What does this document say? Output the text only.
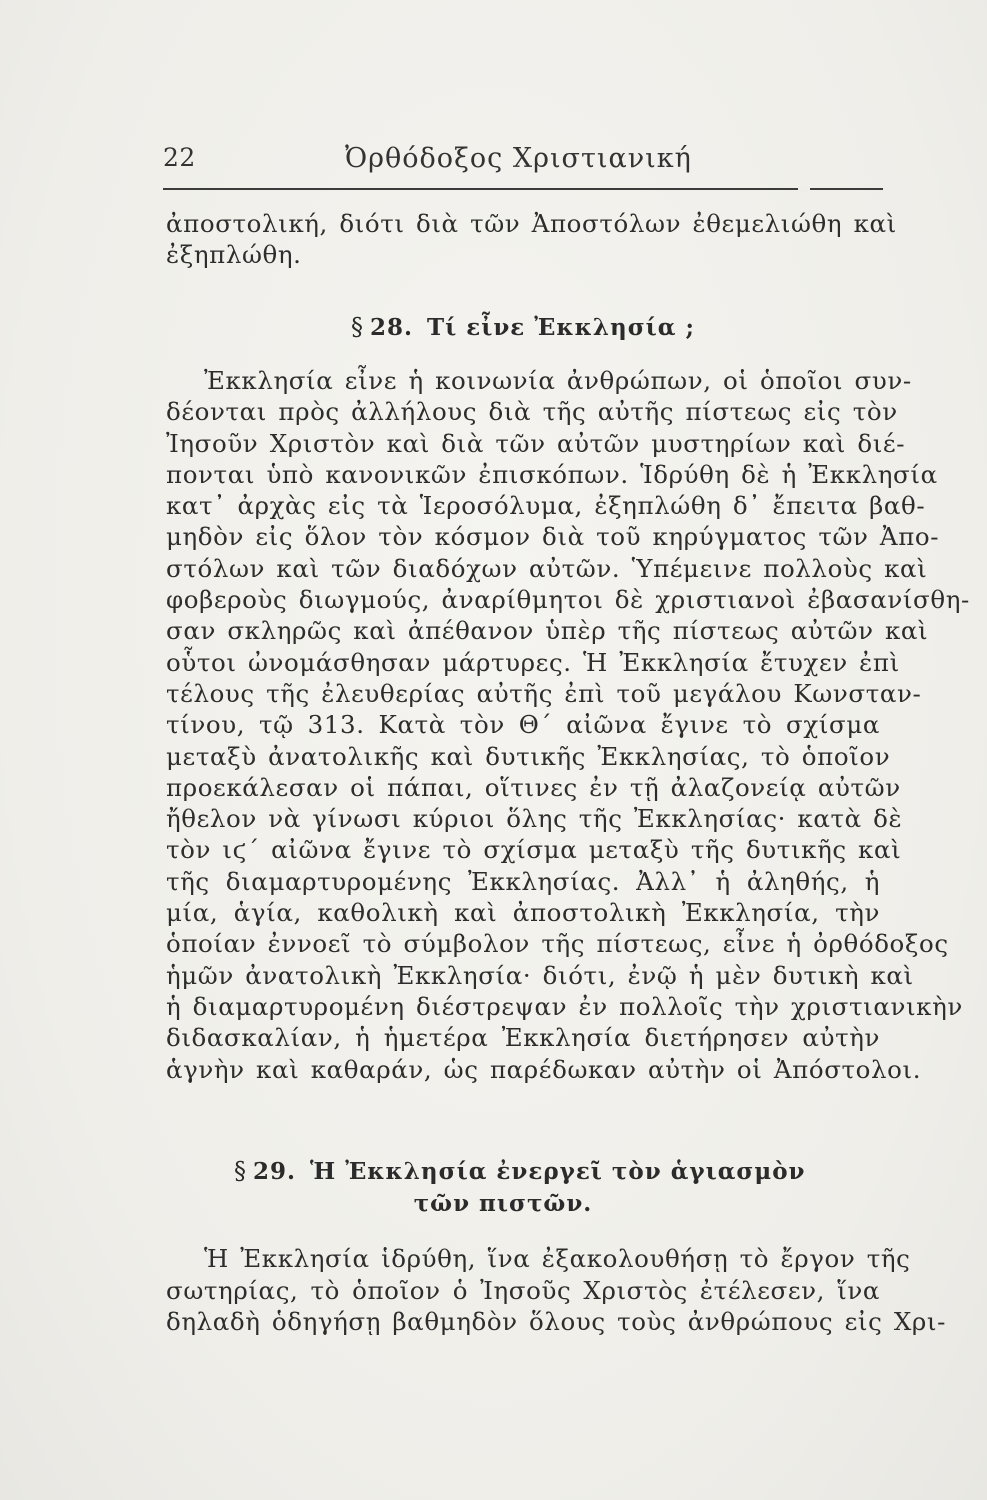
22	Ὀρθόδοξος Χριστιανική
ἀποστολική, διότι διὰ τῶν Ἀποστόλων ἐθεμελιώθη καὶ
ἐξηπλώθη.
§ 28. Τί εἶνε Ἐκκλησία ;
Ἐκκλησία εἶνε ἡ κοινωνία ἀνθρώπων, οἱ ὁποῖοι συν-
δέονται πρὸς ἀλλήλους διὰ τῆς αὐτῆς πίστεως εἰς τὸν
Ἰησοῦν Χριστὸν καὶ διὰ τῶν αὐτῶν μυστηρίων καὶ διέ-
πονται ὑπὸ κανονικῶν ἐπισκόπων. Ἱδρύθη δὲ ἡ Ἐκκλησία
κατ᾽ ἀρχὰς εἰς τὰ Ἱεροσόλυμα, ἐξηπλώθη δ᾽ ἔπειτα βαθ-
μηδὸν εἰς ὅλον τὸν κόσμον διὰ τοῦ κηρύγματος τῶν Ἀπο-
στόλων καὶ τῶν διαδόχων αὐτῶν. Ὑπέμεινε πολλοὺς καὶ
φοβεροὺς διωγμούς, ἀναρίθμητοι δὲ χριστιανοὶ ἐβασανίσθη-
σαν σκληρῶς καὶ ἀπέθανον ὑπὲρ τῆς πίστεως αὐτῶν καὶ
οὗτοι ὠνομάσθησαν μάρτυρες. Ἡ Ἐκκλησία ἔτυχεν ἐπὶ
τέλους τῆς ἐλευθερίας αὐτῆς ἐπὶ τοῦ μεγάλου Κωνσταν-
τίνου, τῷ 313. Κατὰ τὸν Θ´ αἰῶνα ἔγινε τὸ σχίσμα
μεταξὺ ἀνατολικῆς καὶ δυτικῆς Ἐκκλησίας, τὸ ὁποῖον
προεκάλεσαν οἱ πάπαι, οἵτινες ἐν τῇ ἀλαζονείᾳ αὐτῶν
ἤθελον νὰ γίνωσι κύριοι ὅλης τῆς Ἐκκλησίας· κατὰ δὲ
τὸν ιϛ´ αἰῶνα ἔγινε τὸ σχίσμα μεταξὺ τῆς δυτικῆς καὶ
τῆς διαμαρτυρομένης Ἐκκλησίας. Ἀλλ᾽ ἡ ἀληθής, ἡ
μία, ἁγία, καθολικὴ καὶ ἀποστολικὴ Ἐκκλησία, τὴν
ὁποίαν ἐννοεῖ τὸ σύμβολον τῆς πίστεως, εἶνε ἡ ὀρθόδοξος
ἡμῶν ἀνατολικὴ Ἐκκλησία· διότι, ἐνῷ ἡ μὲν δυτικὴ καὶ
ἡ διαμαρτυρομένη διέστρεψαν ἐν πολλοῖς τὴν χριστιανικὴν
διδασκαλίαν, ἡ ἡμετέρα Ἐκκλησία διετήρησεν αὐτὴν
ἁγνὴν καὶ καθαράν, ὡς παρέδωκαν αὐτὴν οἱ Ἀπόστολοι.
§ 29. Ἡ Ἐκκλησία ἐνεργεῖ τὸν ἁγιασμὸν
τῶν πιστῶν.
Ἡ Ἐκκλησία ἱδρύθη, ἵνα ἐξακολουθήσῃ τὸ ἔργον τῆς
σωτηρίας, τὸ ὁποῖον ὁ Ἰησοῦς Χριστὸς ἐτέλεσεν, ἵνα
δηλαδὴ ὁδηγήσῃ βαθμηδὸν ὅλους τοὺς ἀνθρώπους εἰς Χρι-
